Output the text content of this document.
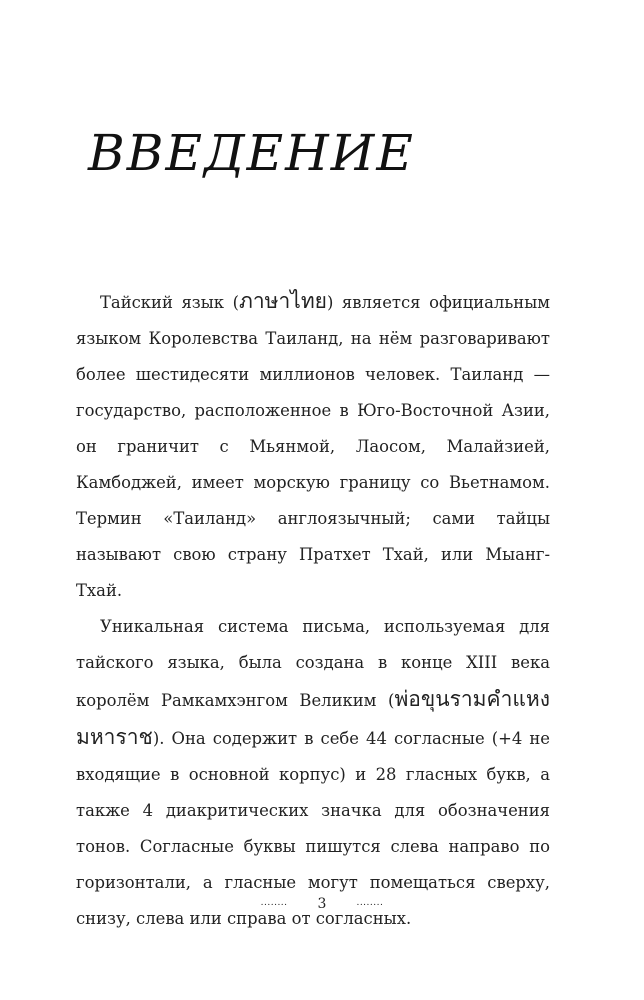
ВВЕДЕНИЕ

Тайский язык (ภาษาไทย) является официальным языком Королевства Таиланд, на нём разговаривают более шестидесяти миллионов человек. Таиланд — государство, расположенное в Юго-Восточной Азии, он граничит с Мьянмой, Лаосом, Малайзией, Камбоджей, имеет морскую границу со Вьетнамом. Термин «Таиланд» англоязычный; сами тайцы называют свою страну Пратхет Тхай, или Мыанг-Тхай.

Уникальная система письма, используемая для тайского языка, была создана в конце XIII века королём Рамкамхэнгом Великим (พ่อขุนรามคำแหงมหาราช). Она содержит в себе 44 согласные (+4 не входящие в основной корпус) и 28 гласных букв, а также 4 диакритических значка для обозначения тонов. Согласные буквы пишутся слева направо по горизонтали, а гласные могут помещаться сверху, снизу, слева или справа от согласных.

........ 3	........
